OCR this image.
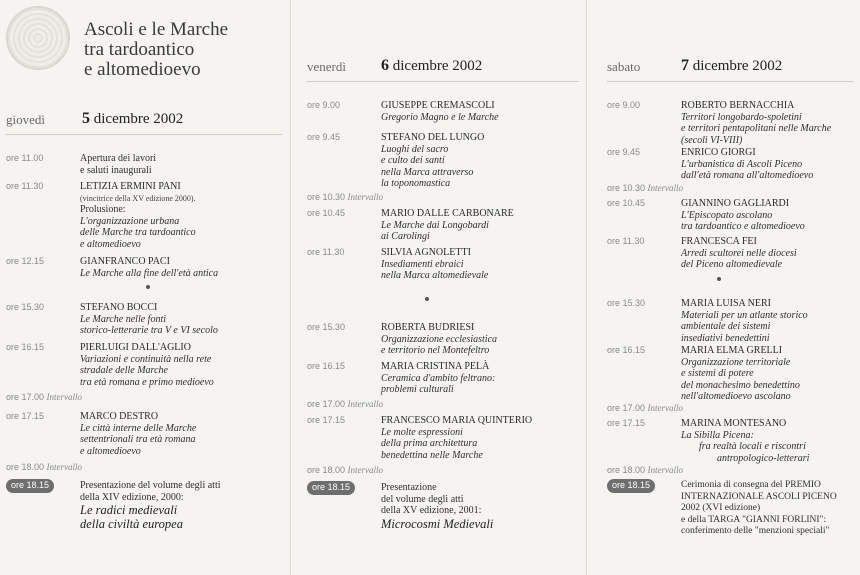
Ascoli e le Marche
tra tardoantico
e altomedioevo
giovedì 5 dicembre 2002
ore 11.00	Apertura dei lavori
e saluti inaugurali
ore 11.30	LETIZIA ERMINI PANI
(vincitrice della XV edizione 2000).
Prolusione:
L'organizzazione urbana
delle Marche tra tardoantico
e altomedioevo
ore 12.15	GIANFRANCO PACI
Le Marche alla fine dell'età antica
ore 15.30	STEFANO BOCCI
Le Marche nelle fonti
storico-letterarie tra V e VI secolo
ore 16.15	PIERLUIGI DALL'AGLIO
Variazioni e continuità nella rete
stradale delle Marche
tra età romana e primo medioevo
ore 17.00 Intervallo
ore 17.15	MARCO DESTRO
Le città interne delle Marche
settentrionali tra età romana
e altomedioevo
ore 18.00 Intervallo
ore 18.15	Presentazione del volume degli atti
della XIV edizione, 2000:
Le radici medievali
della civiltà europea
venerdì 6 dicembre 2002
ore 9.00	GIUSEPPE CREMASCOLI
Gregorio Magno e le Marche
ore 9.45	STEFANO DEL LUNGO
Luoghi del sacro
e culto dei santi
nella Marca attraverso
la toponomastica
ore 10.30 Intervallo
ore 10.45	MARIO DALLE CARBONARE
Le Marche dai Longobardi
ai Carolingi
ore 11.30	SILVIA AGNOLETTI
Insediamenti ebraici
nella Marca altomedievale
ore 15.30	ROBERTA BUDRIESI
Organizzazione ecclesiastica
e territorio nel Montefeltro
ore 16.15	MARIA CRISTINA PELÀ
Ceramica d'ambito feltrano:
problemi culturali
ore 17.00 Intervallo
ore 17.15	FRANCESCO MARIA QUINTERIO
Le molte espressioni
della prima architettura
benedettina nelle Marche
ore 18.00 Intervallo
ore 18.15	Presentazione
del volume degli atti
della XV edizione, 2001:
Microcosmi Medievali
sabato	7 dicembre 2002
ore 9.00	ROBERTO BERNACCHIA
Territori longobardo-spoletini
e territori pentapolitani nelle Marche
(secoli VI-VIII)
ore 9.45	ENRICO GIORGI
L'urbanistica di Ascoli Piceno
dall'età romana all'altomedioevo
ore 10.30 Intervallo
ore 10.45	GIANNINO GAGLIARDI
L'Episcopato ascolano
tra tardoantico e altomedioevo
ore 11.30	FRANCESCA FEI
Arredi scultorei nelle diocesi
del Piceno altomedievale
ore 15.30	MARIA LUISA NERI
Materiali per un atlante storico
ambientale dei sistemi
insediativi benedettini
ore 16.15	MARIA ELMA GRELLI
Organizzazione territoriale
e sistemi di potere
del monachesimo benedettino
nell'altomedioevo ascolano
ore 17.00 Intervallo
ore 17.15	MARINA MONTESANO
La Sibilla Picena:
fra realtà locali e riscontri
antropologico-letterari
ore 18.00 Intervallo
ore 18.15	Cerimonia di consegna del PREMIO
INTERNAZIONALE ASCOLI PICENO
2002 (XVI edizione)
e della TARGA "GIANNI FORLINI":
conferimento delle "menzioni speciali"
